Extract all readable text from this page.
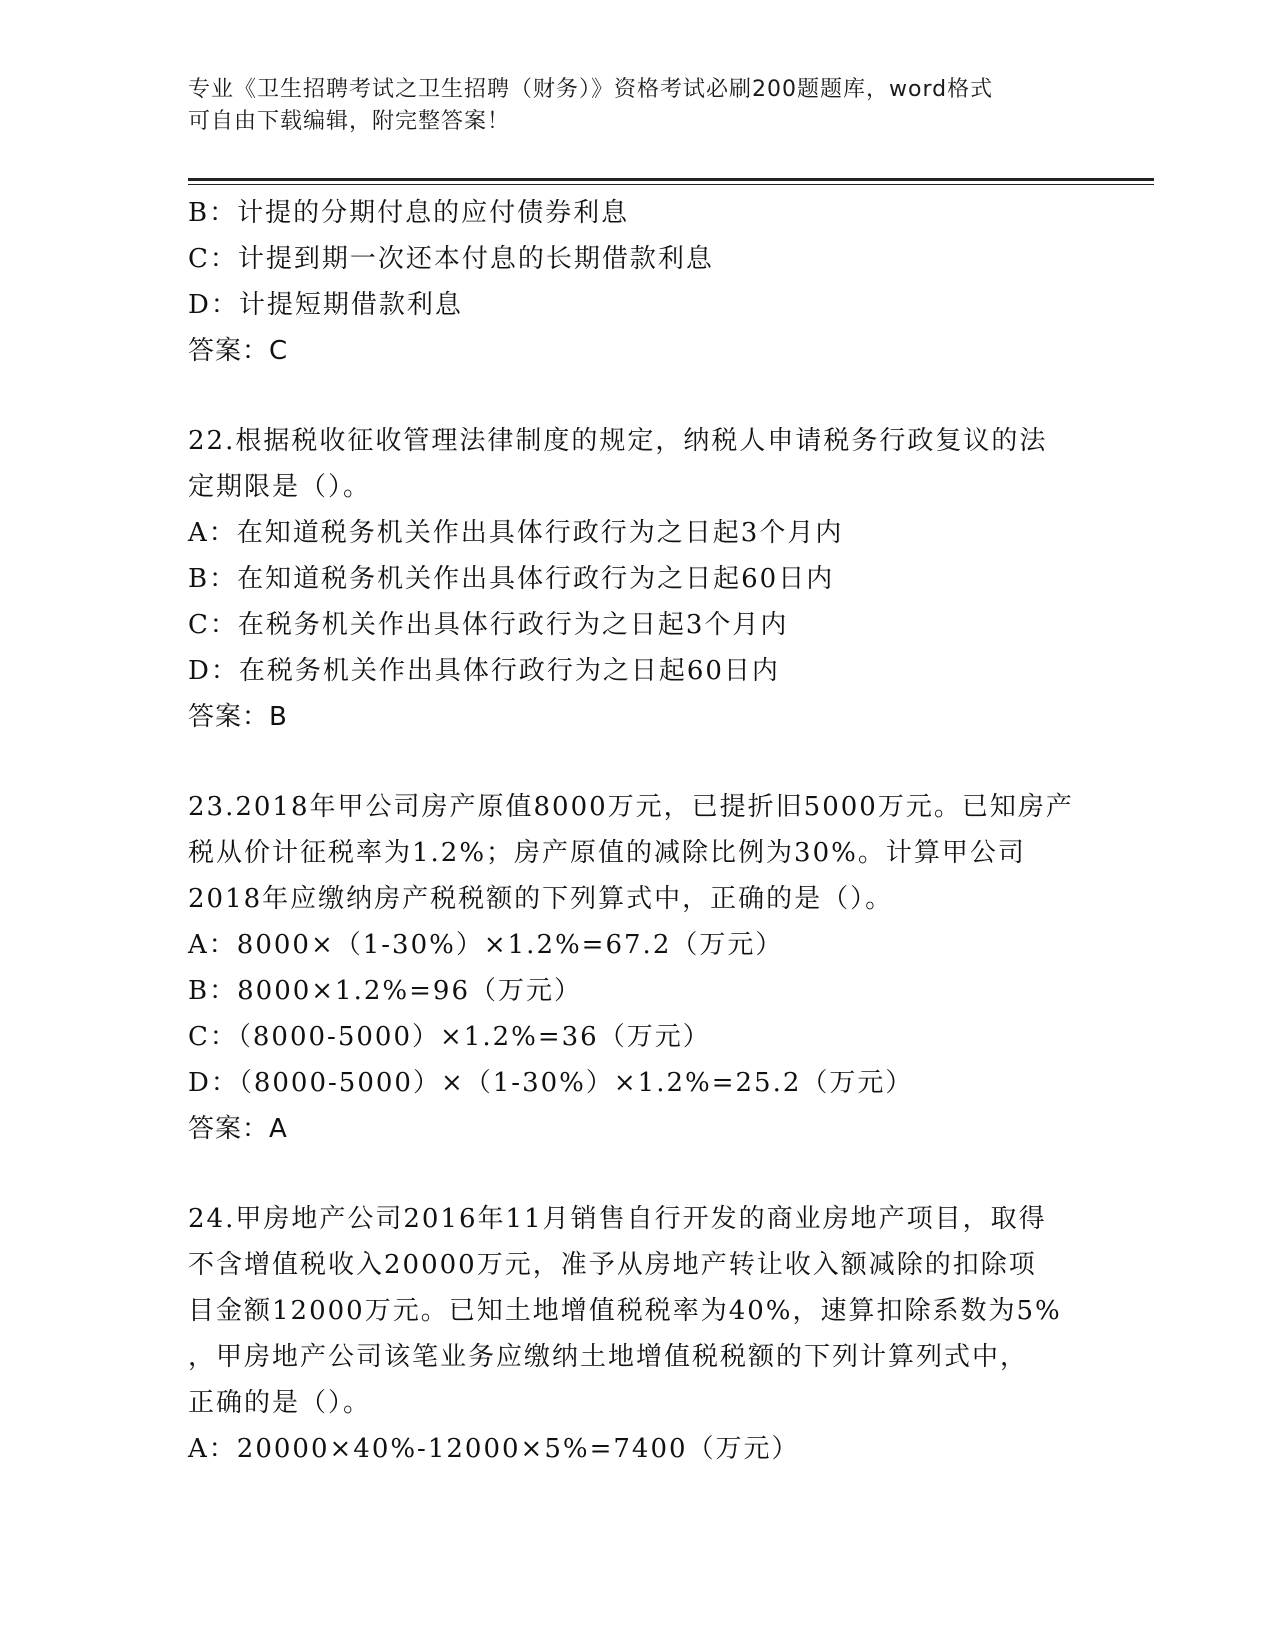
专业《卫生招聘考试之卫生招聘（财务）》资格考试必刷200题题库，word格式
可自由下载编辑，附完整答案！
B：计提的分期付息的应付债券利息
C：计提到期一次还本付息的长期借款利息
D：计提短期借款利息
答案：C
22.根据税收征收管理法律制度的规定，纳税人申请税务行政复议的法
定期限是（）。
A：在知道税务机关作出具体行政行为之日起3个月内
B：在知道税务机关作出具体行政行为之日起60日内
C：在税务机关作出具体行政行为之日起3个月内
D：在税务机关作出具体行政行为之日起60日内
答案：B
23.2018年甲公司房产原值8000万元，已提折旧5000万元。已知房产
税从价计征税率为1.2%；房产原值的减除比例为30%。计算甲公司
2018年应缴纳房产税税额的下列算式中，正确的是（）。
A：8000×（1-30%）×1.2%=67.2（万元）
B：8000×1.2%=96（万元）
C：（8000-5000）×1.2%=36（万元）
D：（8000-5000）×（1-30%）×1.2%=25.2（万元）
答案：A
24.甲房地产公司2016年11月销售自行开发的商业房地产项目，取得
不含增值税收入20000万元，准予从房地产转让收入额减除的扣除项
目金额12000万元。已知土地增值税税率为40%，速算扣除系数为5%
，甲房地产公司该笔业务应缴纳土地增值税税额的下列计算列式中，
正确的是（）。
A：20000×40%-12000×5%=7400（万元）
